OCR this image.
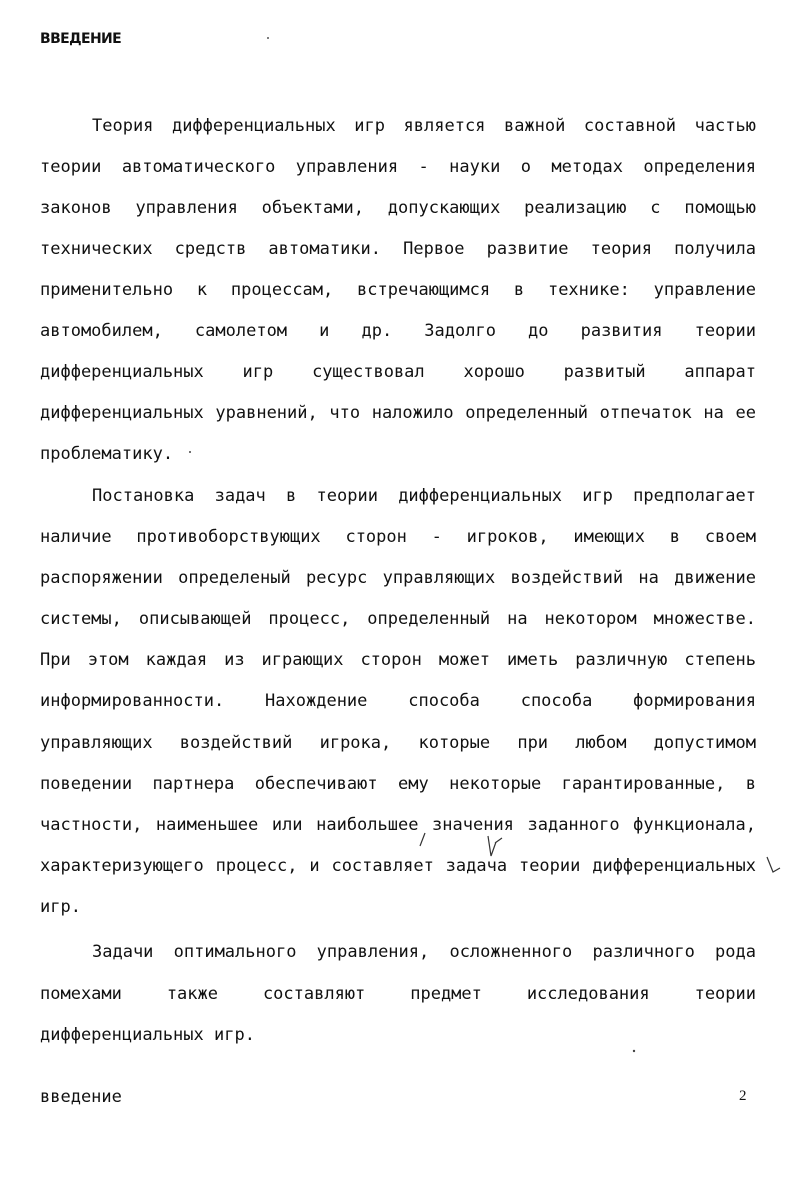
ВВЕДЕНИЕ
Теория дифференциальных игр является важной составной частью
теории автоматического управления - науки о методах определения
законов управления объектами, допускающих реализацию с помощью
технических средств автоматики. Первое развитие теория получила
применительно к процессам, встречающимся в технике: управление
автомобилем, самолетом и др. Задолго до развития теории
дифференциальных игр существовал хорошо развитый аппарат
дифференциальных уравнений, что наложило определенный отпечаток на ее
проблематику.
Постановка задач в теории дифференциальных игр предполагает
наличие противоборствующих сторон - игроков, имеющих в своем
распоряжении определеный ресурс управляющих воздействий на движение
системы, описывающей процесс, определенный на некотором множестве.
При этом каждая из играющих сторон может иметь различную степень
информированности. Нахождение способа способа формирования
управляющих воздействий игрока, которые при любом допустимом
поведении партнера обеспечивают ему некоторые гарантированные, в
частности, наименьшее или наибольшее значения заданного функционала,
характеризующего процесс, и составляет задача теории дифференциальных
игр.
Задачи оптимального управления, осложненного различного рода
помехами также составляют предмет исследования теории
дифференциальных игр.
введение	2
